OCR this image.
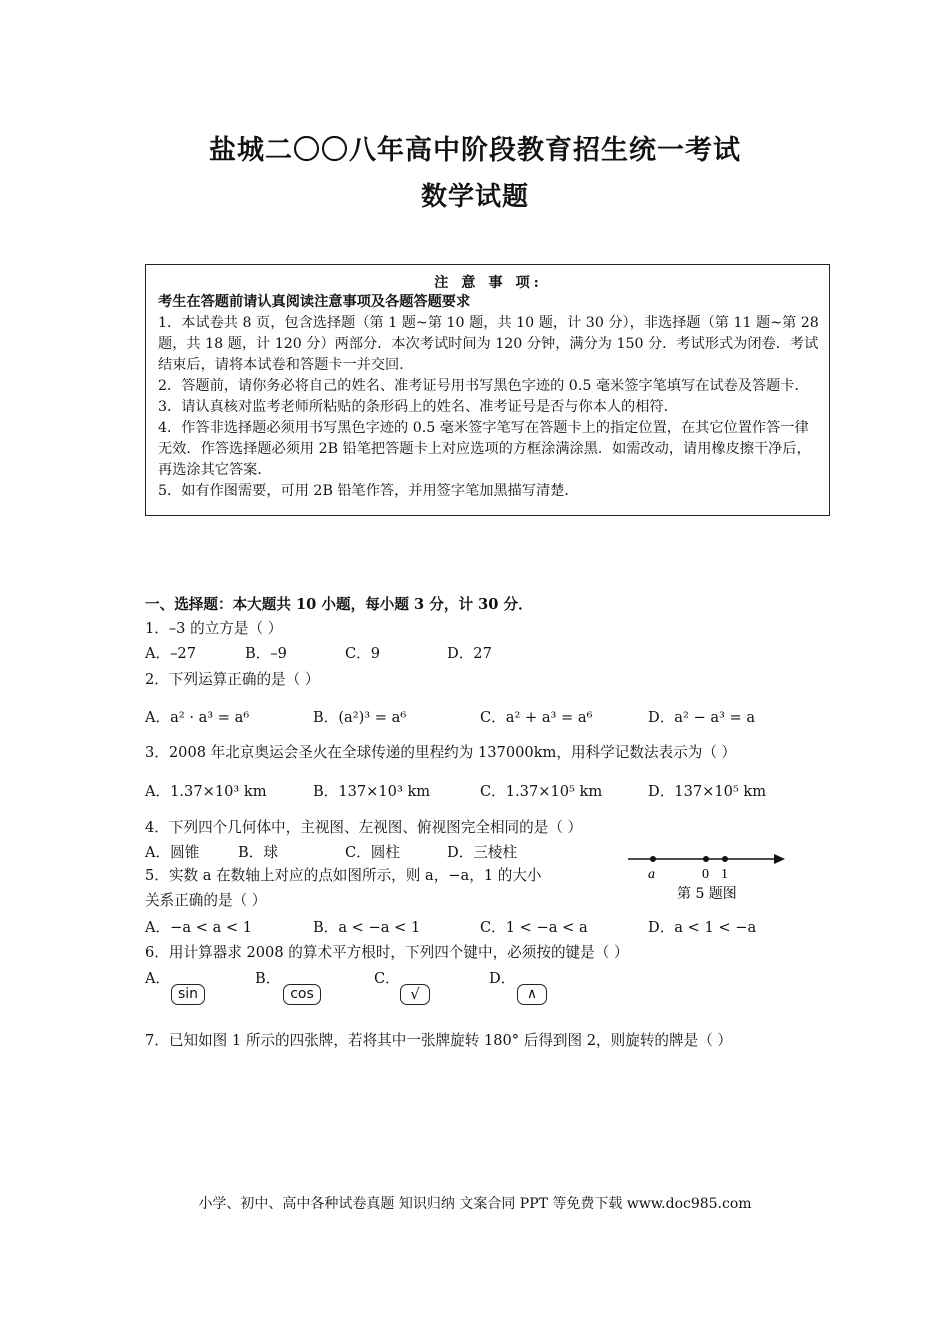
盐城二〇〇八年高中阶段教育招生统一考试
数学试题

注 意 事 项:

考生在答题前请认真阅读注意事项及各题答题要求

1．本试卷共 8 页，包含选择题（第 1 题~第 10 题，共 10 题，计 30 分），非选择题（第 11 题~第 28 题，共 18 题，计 120 分）两部分．本次考试时间为 120 分钟，满分为 150 分．考试形式为闭卷．考试结束后，请将本试卷和答题卡一并交回．

2．答题前，请你务必将自己的姓名、准考证号用书写黑色字迹的 0.5 毫米签字笔填写在试卷及答题卡．

3．请认真核对监考老师所粘贴的条形码上的姓名、准考证号是否与你本人的相符．

4．作答非选择题必须用书写黑色字迹的 0.5 毫米签字笔写在答题卡上的指定位置，在其它位置作答一律无效．作答选择题必须用 2B 铅笔把答题卡上对应选项的方框涂满涂黑．如需改动，请用橡皮擦干净后，再选涂其它答案．

5．如有作图需要，可用 2B 铅笔作答，并用签字笔加黑描写清楚．

一、选择题：本大题共 10 小题，每小题 3 分，计 30 分．
1．–3 的立方是（ ）
A．–27	B．–9	C．9	D．27
2．下列运算正确的是（ ）
A．a² · a³ = a⁶	B．(a²)³ = a⁶	C．a² + a³ = a⁶	D．a² − a³ = a
3．2008 年北京奥运会圣火在全球传递的里程约为 137000km，用科学记数法表示为（ ）
A．1.37×10³ km	B．137×10³ km	C．1.37×10⁵ km	D．137×10⁵ km
4．下列四个几何体中，主视图、左视图、俯视图完全相同的是（ ）
A．圆锥	B．球	C．圆柱	D．三棱柱
5．实数 a 在数轴上对应的点如图所示，则 a，−a，1 的大小
关系正确的是（ ）
a	0 1
第 5 题图
A．−a < a < 1	B．a < −a < 1	C．1 < −a < a	D．a < 1 < −a
6．用计算器求 2008 的算术平方根时，下列四个键中，必须按的键是（ ）
A．	B．	C．	D．
sin	cos	√	∧
7．已知如图 1 所示的四张牌，若将其中一张牌旋转 180° 后得到图 2，则旋转的牌是（ ）
小学、初中、高中各种试卷真题 知识归纳 文案合同 PPT 等免费下载 www.doc985.com
